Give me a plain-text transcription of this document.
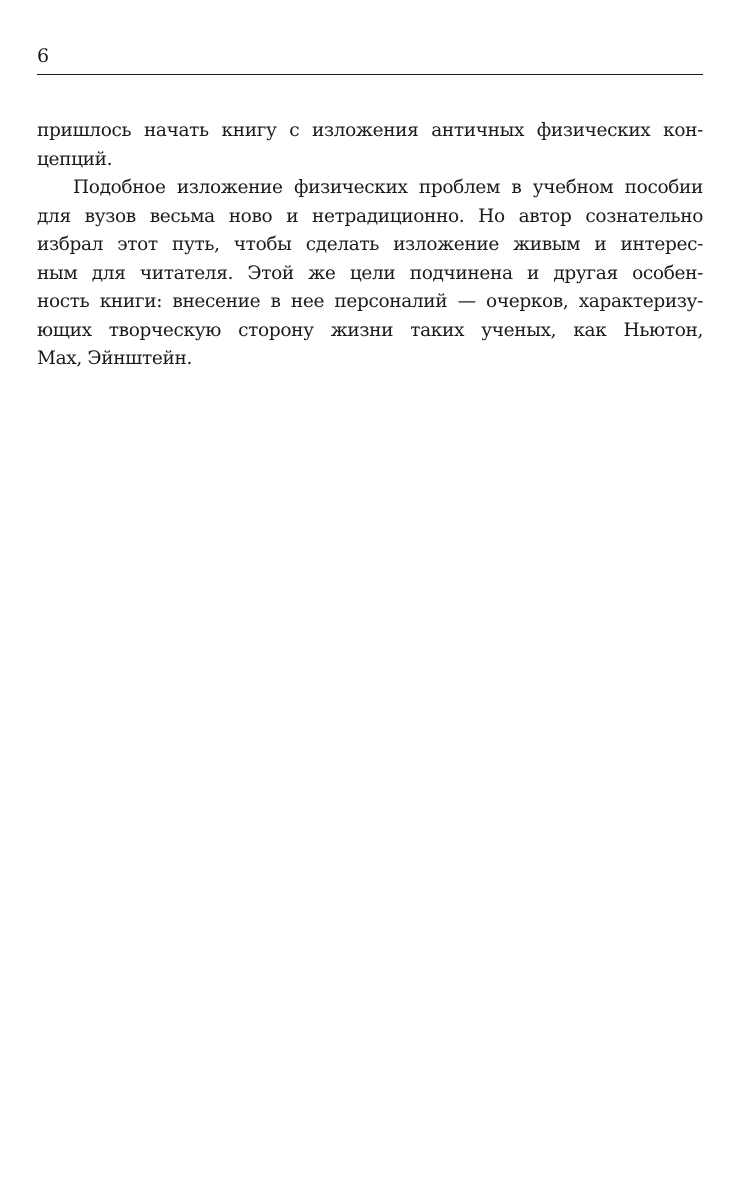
6
пришлось начать книгу с изложения античных физических кон-
цепций.
Подобное изложение физических проблем в учебном пособии
для вузов весьма ново и нетрадиционно. Но автор сознательно
избрал этот путь, чтобы сделать изложение живым и интерес-
ным для читателя. Этой же цели подчинена и другая особен-
ность книги: внесение в нее персоналий — очерков, характеризу-
ющих творческую сторону жизни таких ученых, как Ньютон,
Мах, Эйнштейн.
